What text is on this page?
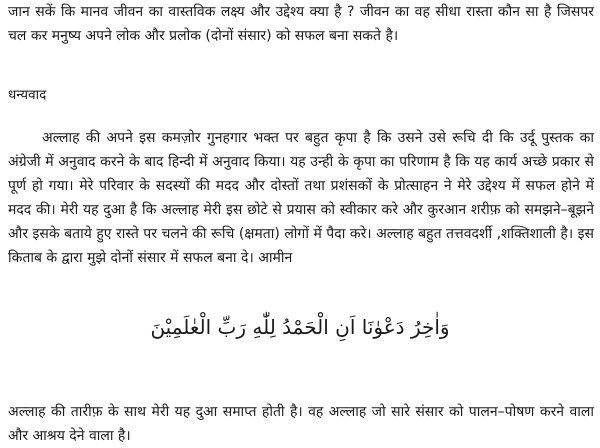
जान सकें कि मानव जीवन का वास्तविक लक्ष्य और उद्देश्य क्या है ? जीवन का वह सीधा रास्ता कौन सा है जिसपर चल कर मनुष्य अपने लोक और प्रलोक (दोनों संसार) को सफल बना सकते है।

धन्यवाद

अल्लाह की अपने इस कमज़ोर गुनहगार भक्त पर बहुत कृपा है कि उसने उसे रूचि दी कि उर्दू पुस्तक का अंग्रेजी में अनुवाद करने के बाद हिन्दी में अनुवाद किया। यह उन्ही के कृपा का परिणाम है कि यह कार्य अच्छे प्रकार से पूर्ण हो गया। मेरे परिवार के सदस्यों की मदद और दोस्तों तथा प्रशंसकों के प्रोत्साहन ने मेरे उद्देश्य में सफल होने में मदद की। मेरी यह दुआ है कि अल्लाह मेरी इस छोटे से प्रयास को स्वीकार करे और कुरआन शरीफ़ को समझने–बूझने और इसके बताये हुए रास्ते पर चलने की रूचि (क्षमता) लोगों में पैदा करे। अल्लाह बहुत तत्तवदर्शी ,शक्तिशाली है। इस किताब के द्वारा मुझे दोनों संसार में सफल बना दे। आमीन

وَاٰخِرُ دَعْوٰنَا اَنِ الْحَمْدُ لِلّٰهِ رَبِّ الْعٰلَمِيْنَ

अल्लाह की तारीफ़ के साथ मेरी यह दुआ समाप्त होती है। वह अल्लाह जो सारे संसार को पालन–पोषण करने वाला और आश्रय देने वाला है।
